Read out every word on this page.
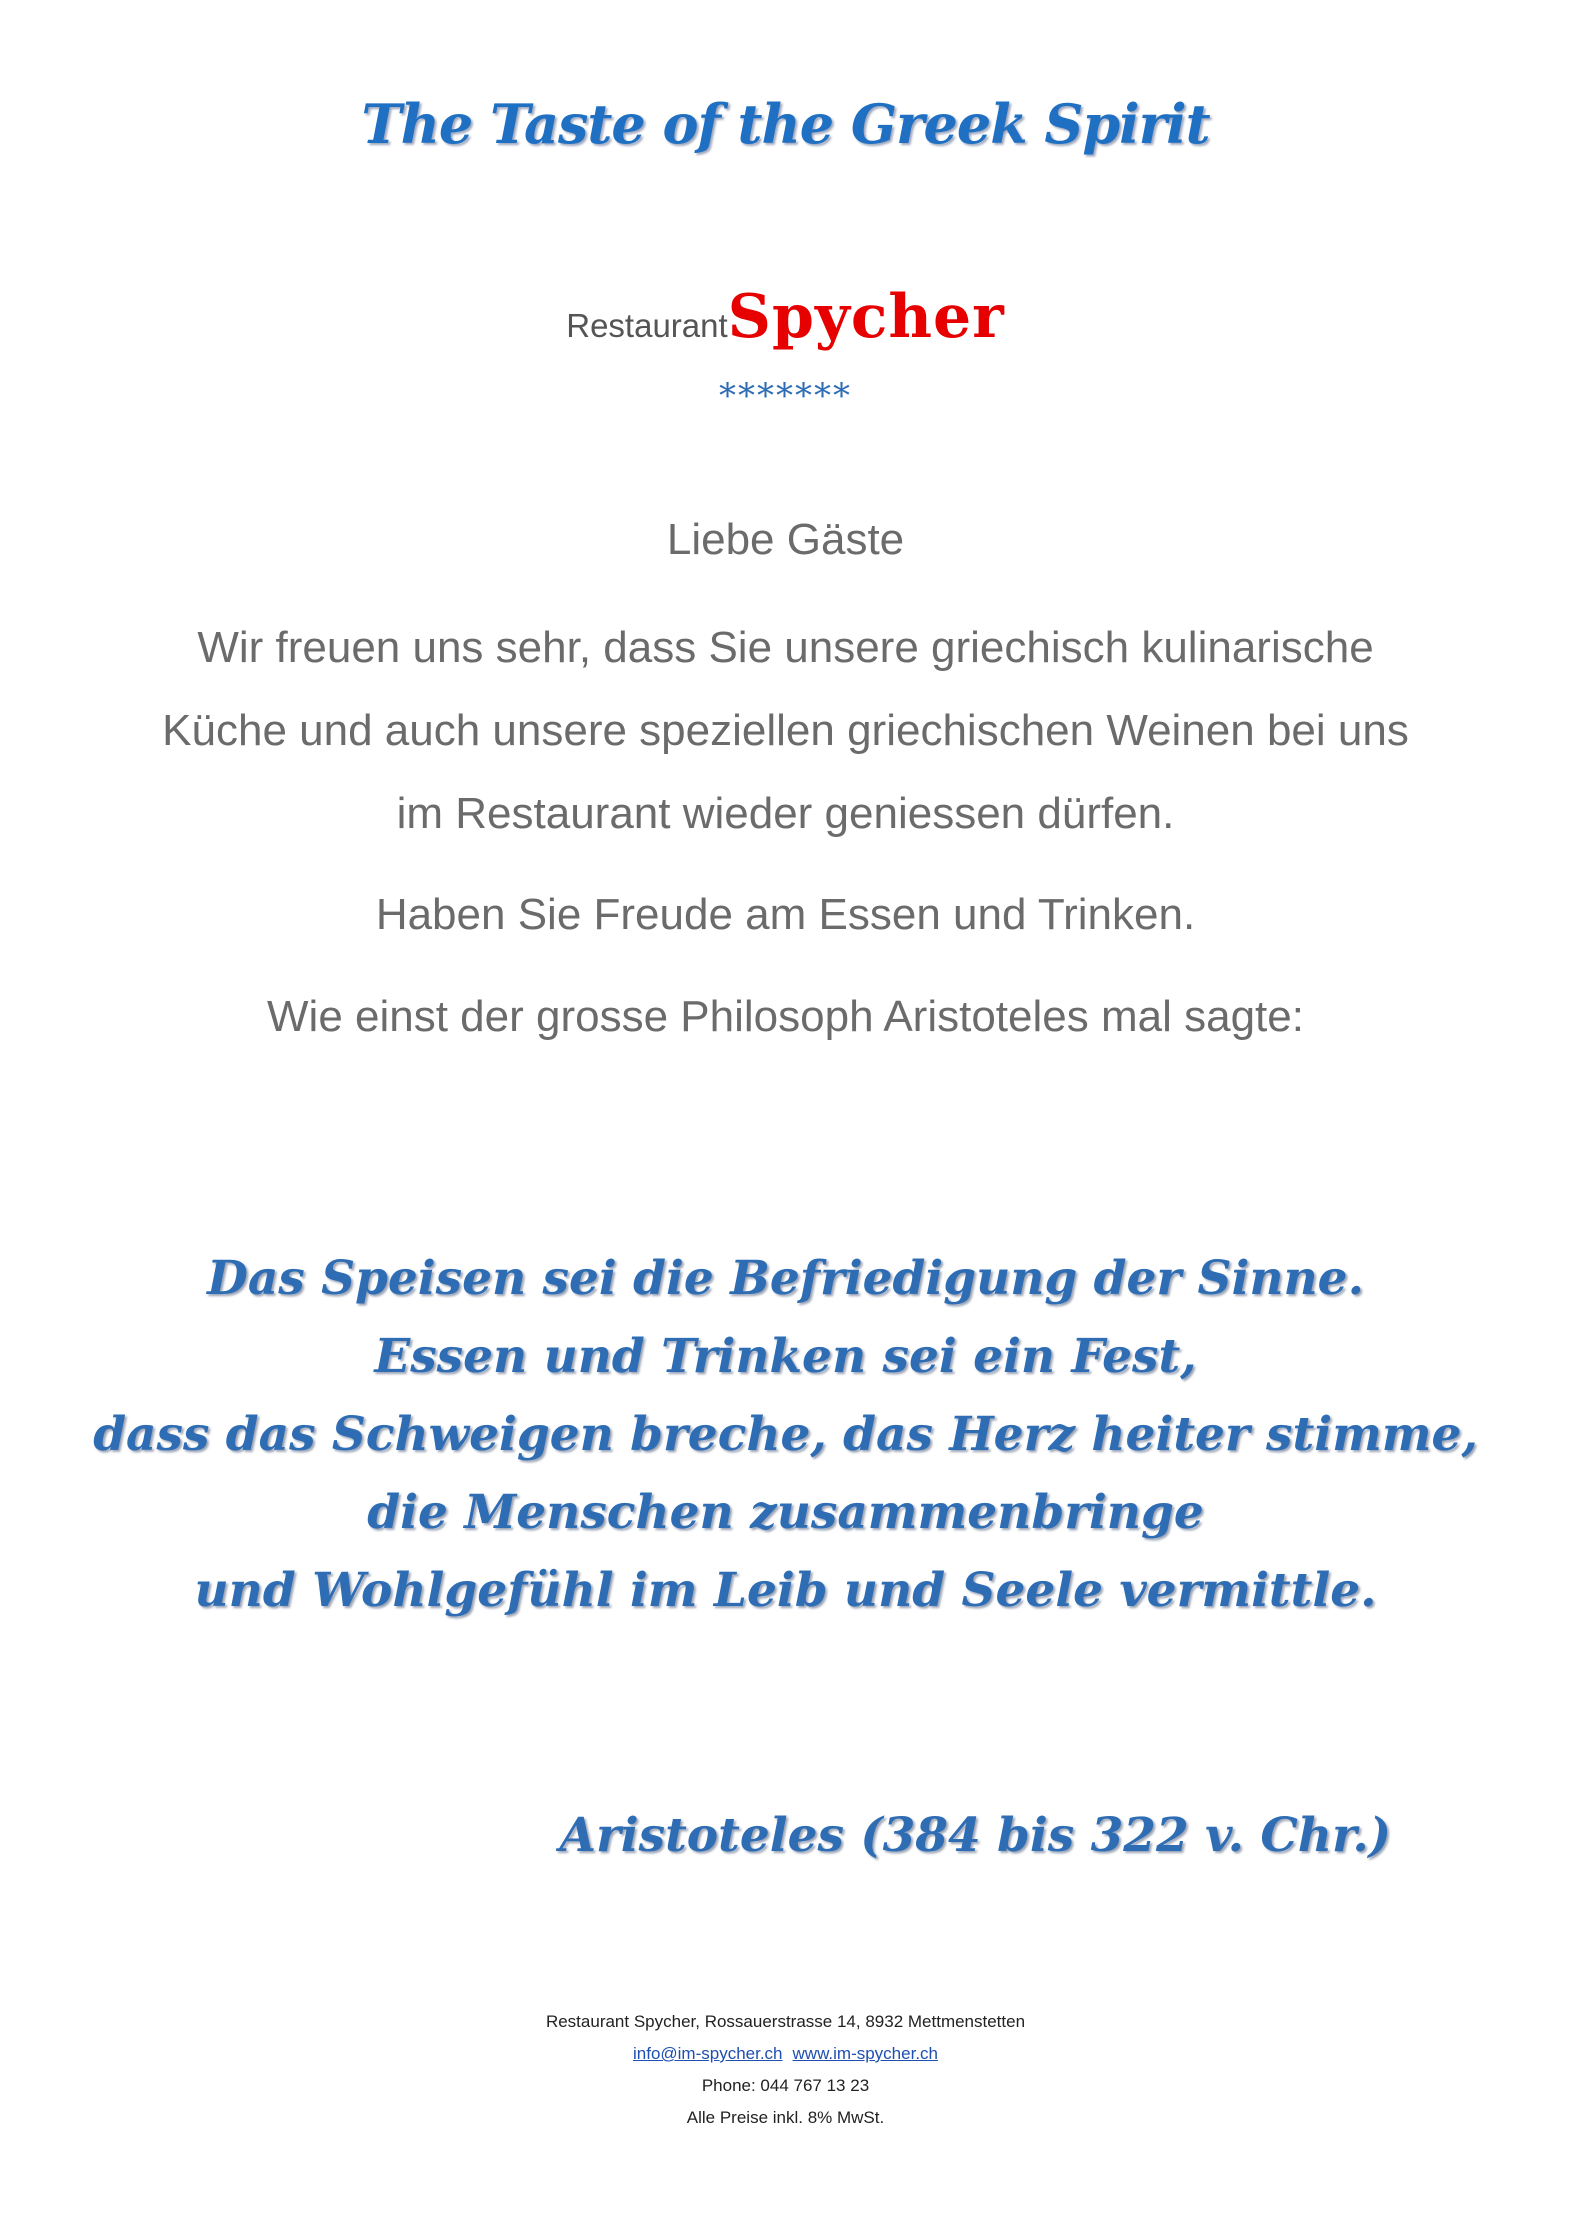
The Taste of the Greek Spirit
RestaurantSpycher
*******

Liebe Gäste

Wir freuen uns sehr, dass Sie unsere griechisch kulinarische Küche und auch unsere speziellen griechischen Weinen bei uns im Restaurant wieder geniessen dürfen.

Haben Sie Freude am Essen und Trinken.

Wie einst der grosse Philosoph Aristoteles mal sagte:

Das Speisen sei die Befriedigung der Sinne.
Essen und Trinken sei ein Fest,
dass das Schweigen breche, das Herz heiter stimme,
die Menschen zusammenbringe
und Wohlgefühl im Leib und Seele vermittle.
Aristoteles (384 bis 322 v. Chr.)
Restaurant Spycher, Rossauerstrasse 14, 8932 Mettmenstetten
info@im-spycher.ch www.im-spycher.ch
Phone: 044 767 13 23
Alle Preise inkl. 8% MwSt.
